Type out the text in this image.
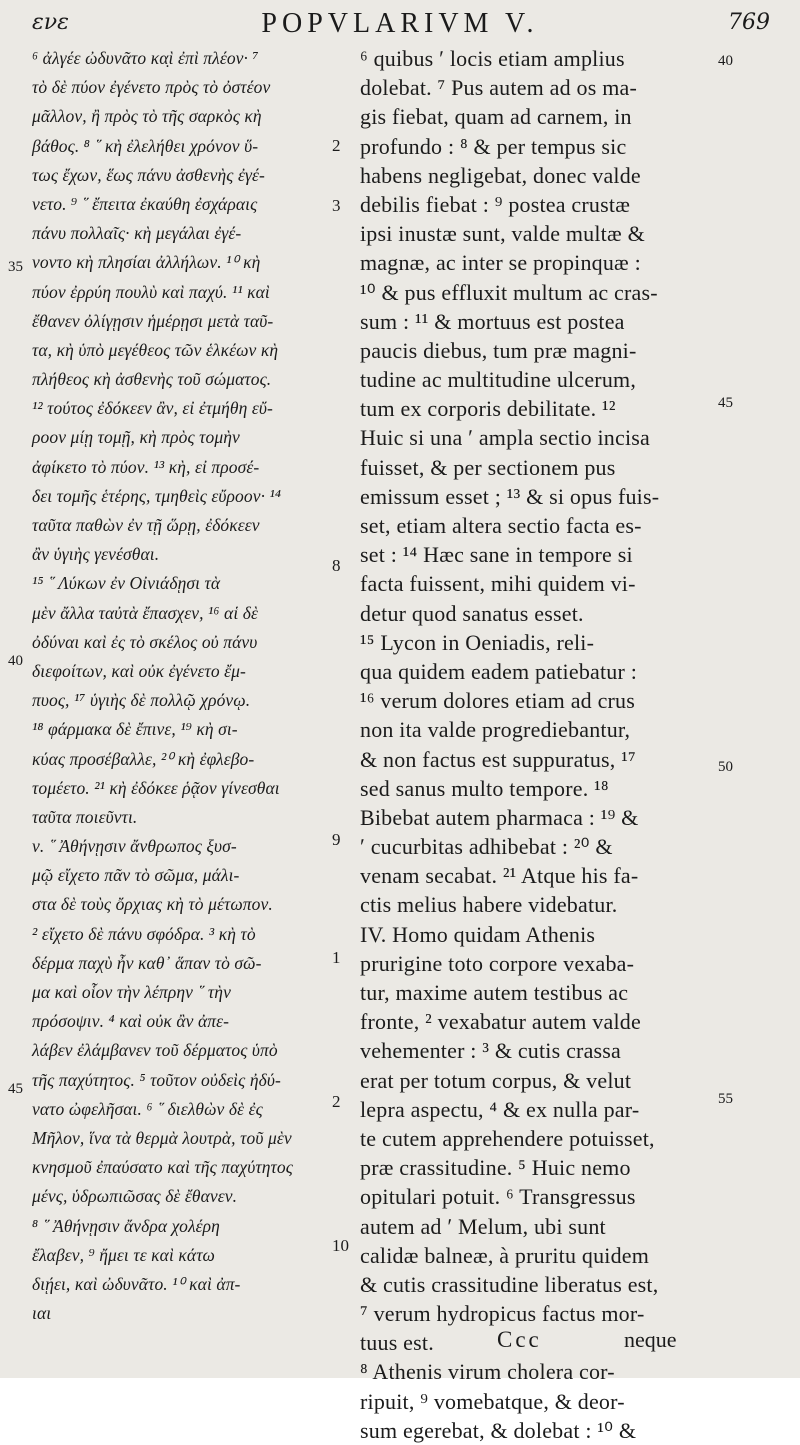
ενε	POPVLARIVM V.	769
⁶ ἀλγέε ὠδυνᾶτο κα̣ὶ ἐπὶ πλέον· ⁷
τὸ δὲ πύον ἐγένετο πρὸς τὸ ὀστέον
μᾶλλον, ἢ πρὸς τὸ τῆς σαρκὸς κὴ
βάθος. ⁸ ῞ κὴ ἐλελήθει χρόνον ὕ-
τως ἔχων, ἕως πάνυ ἀσθενὴς ἐγέ-
νετο. ⁹ ῞ ἔπειτα ἐκαύθη ἐσχάραις
πάνυ πολλαῖς· κὴ μεγάλαι ἐγέ-
νοντο κὴ πλησίαι ἀλλήλων. ¹⁰ κὴ
πύον ἐρρύη πουλὺ καὶ παχύ. ¹¹ καὶ
ἔθανεν ὀλίγῃσιν ἡμέρῃσι μετὰ ταῦ-
τα, κὴ ὑπὸ μεγέθεος τῶν ἑλκέων κὴ
πλήθεος κὴ ἀσθενὴς τοῦ σώματος.
¹² τούτος ἐδόκεεν ἂν, εἰ ἐτμήθη εὔ-
ροον μίῃ τομῇ, κὴ πρὸς τομὴν
ἀφίκετο τὸ πύον. ¹³ κὴ, εἰ προσέ-
δει τομῆς ἑτέρης, τμηθεὶς εὔροον· ¹⁴
ταῦτα παθὼν ἐν τῇ ὥρῃ, ἐδόκεεν
ἂν ὑγιὴς γενέσθαι.
¹⁵ ῞ Λύκων ἐν Οἰνιάδῃσι τὰ
μὲν ἄλλα ταὐτὰ ἔπασχεν, ¹⁶ αἱ δὲ
ὀδύναι καὶ ἐς τὸ σκέλος οὐ πάνυ
διεφοίτων, καὶ οὐκ ἐγένετο ἔμ-
πυος, ¹⁷ ὑγιὴς δὲ πολλῷ χρόνῳ.
¹⁸ φάρμακα δὲ ἔπινε, ¹⁹ κὴ σι-
κύας προσέβαλλε, ²⁰ κὴ ἐφλεβο-
τομέετο. ²¹ κὴ ἐδόκεε ῥᾷον γίνεσθαι
ταῦτα ποιεῦντι.
ν. ῞ Ἀθήνῃσιν ἄνθρωπος ξυσ-
μῷ εἴχετο πᾶν τὸ σῶμα, μάλι-
στα δὲ τοὺς ὄρχιας κὴ τὸ μέτωπον.
² εἴχετο δὲ πάνυ σφόδρα. ³ κὴ τὸ
δέρμα παχὺ ἦν καθ᾽ ἅπαν τὸ σῶ-
μα καὶ οἷον τὴν λέπρην ῞ τὴν
πρόσοψιν. ⁴ καὶ οὐκ ἂν ἀπε-
λάβεν ἐλάμβανεν τοῦ δέρματος ὑπὸ
τῆς παχύτητος. ⁵ τοῦτον οὐδεὶς ἠδύ-
νατο ὠφελῆσαι. ⁶ ῞ διελθὼν δὲ ἐς
Μῆλον, ἵνα τὰ θερμὰ λουτρὰ, τοῦ μὲν
κνησμοῦ ἐπαύσατο καὶ τῆς παχύτητος
μένς, ὑδρωπιῶσας δὲ ἔθανεν.
⁸ ῞ Ἀθήνῃσιν ἄνδρα χολέρη
ἔλαβεν, ⁹ ἤμει τε καὶ κάτω
διῄει, καὶ ὠδυνᾶτο. ¹⁰ καὶ ἀπ-
ιαι
⁶ quibus ʹ locis etiam amplius
dolebat. ⁷ Pus autem ad os ma-
gis fiebat, quam ad carnem, in
profundo : ⁸ & per tempus sic
habens negligebat, donec valde
debilis fiebat : ⁹ postea crustæ
ipsi inustæ sunt, valde multæ &
magnæ, ac inter se propinquæ :
¹⁰ & pus effluxit multum ac cras-
sum : ¹¹ & mortuus est postea
paucis diebus, tum præ magni-
tudine ac multitudine ulcerum,
tum ex corporis debilitate. ¹²
Huic si una ʹ ampla sectio incisa
fuisset, & per sectionem pus
emissum esset ; ¹³ & si opus fuis-
set, etiam altera sectio facta es-
set : ¹⁴ Hæc sane in tempore si
facta fuissent, mihi quidem vi-
detur quod sanatus esset.
¹⁵ Lycon in Oeniadis, reli-
qua quidem eadem patiebatur :
¹⁶ verum dolores etiam ad crus
non ita valde progrediebantur,
& non factus est suppuratus, ¹⁷
sed sanus multo tempore. ¹⁸
Bibebat autem pharmaca : ¹⁹ &
ʹ cucurbitas adhibebat : ²⁰ &
venam secabat. ²¹ Atque his fa-
ctis melius habere videbatur.
IV. Homo quidam Athenis
prurigine toto corpore vexaba-
tur, maxime autem testibus ac
fronte, ² vexabatur autem valde
vehementer : ³ & cutis crassa
erat per totum corpus, & velut
lepra aspectu, ⁴ & ex nulla par-
te cutem apprehendere potuisset,
præ crassitudine. ⁵ Huic nemo
opitulari potuit. ⁶ Transgressus
autem ad ʹ Melum, ubi sunt
calidæ balneæ, à pruritu quidem
& cutis crassitudine liberatus est,
⁷ verum hydropicus factus mor-
tuus est.
⁸ Athenis virum cholera cor-
ripuit, ⁹ vomebatque, & deor-
sum egerebat, & dolebat : ¹⁰ &
2
3
8
9
1
2
10
40
45
50
55
35
40
45
Ccc	neque
